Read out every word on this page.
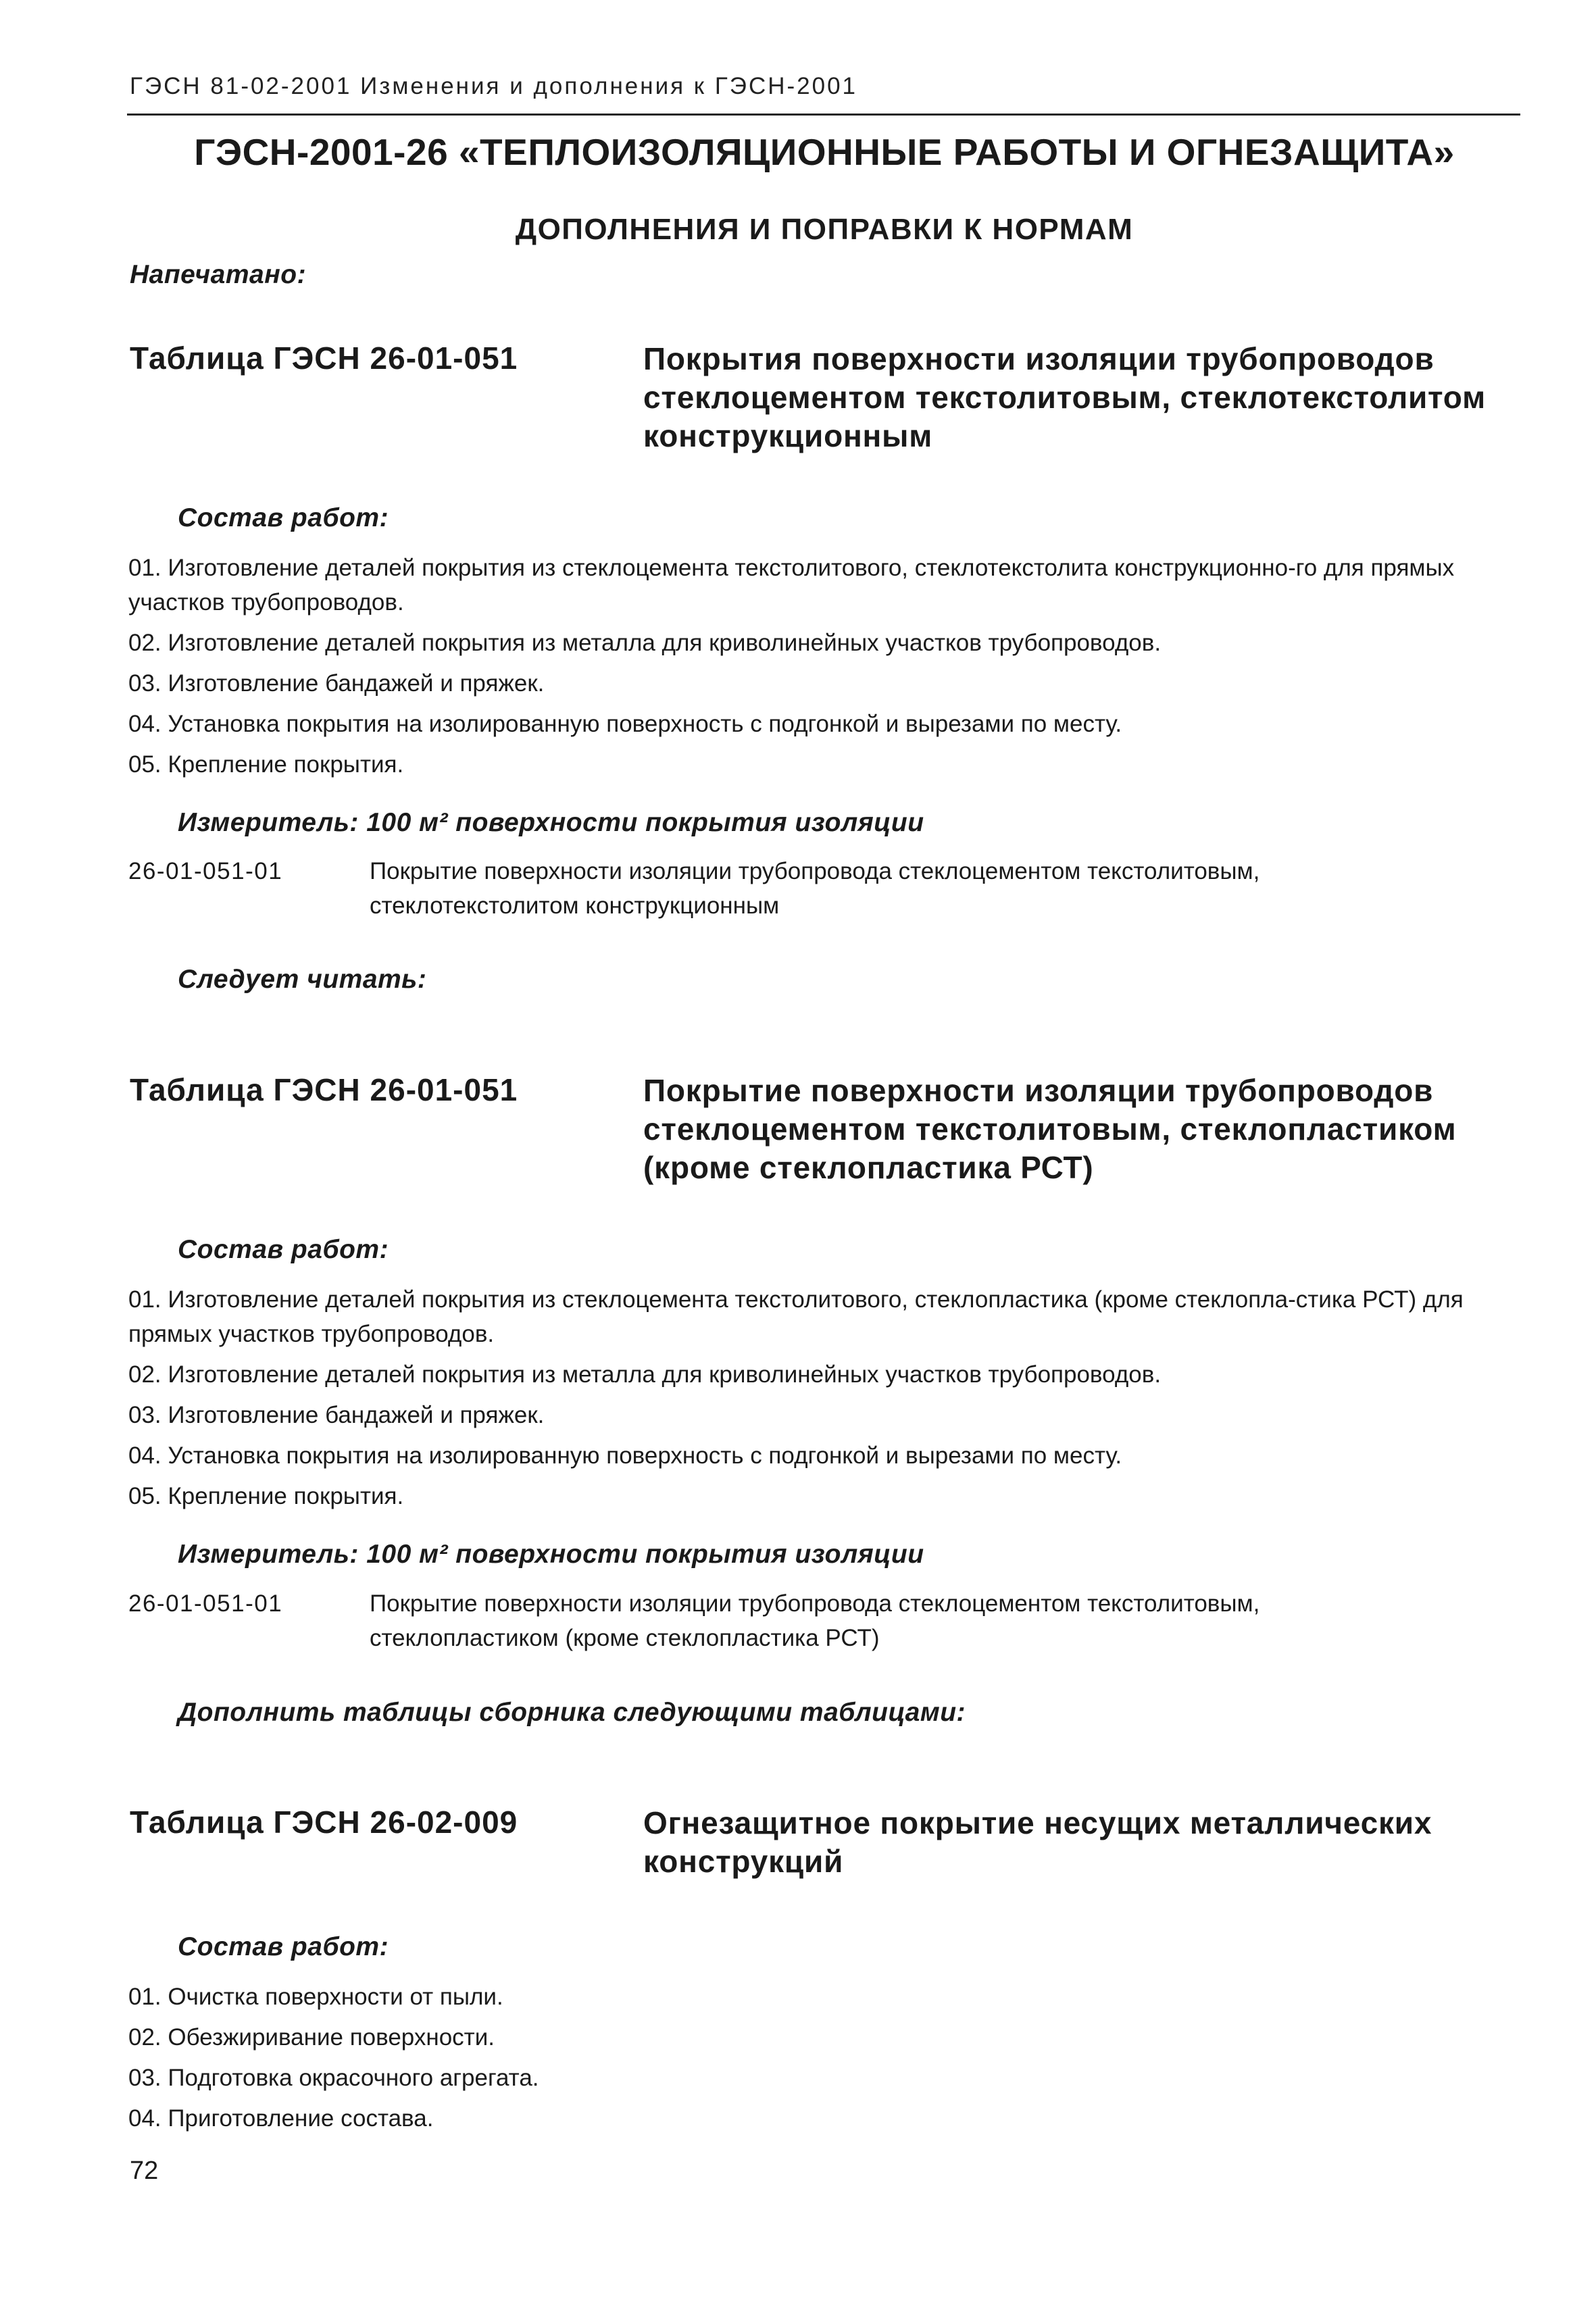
ГЭСН 81-02-2001 Изменения и дополнения к ГЭСН-2001
ГЭСН-2001-26 «ТЕПЛОИЗОЛЯЦИОННЫЕ РАБОТЫ И ОГНЕЗАЩИТА»
ДОПОЛНЕНИЯ И ПОПРАВКИ К НОРМАМ
Напечатано:
Таблица ГЭСН 26-01-051	Покрытия поверхности изоляции трубопроводов стеклоцементом текстолитовым, стеклотекстолитом конструкционным
Состав работ:
01. Изготовление деталей покрытия из стеклоцемента текстолитового, стеклотекстолита конструкционно-го для прямых участков трубопроводов.
02. Изготовление деталей покрытия из металла для криволинейных участков трубопроводов.
03. Изготовление бандажей и пряжек.
04. Установка покрытия на изолированную поверхность с подгонкой и вырезами по месту.
05. Крепление покрытия.
Измеритель: 100 м² поверхности покрытия изоляции
26-01-051-01	Покрытие поверхности изоляции трубопровода стеклоцементом текстолитовым, стеклотекстолитом конструкционным
Следует читать:
Таблица ГЭСН 26-01-051	Покрытие поверхности изоляции трубопроводов стеклоцементом текстолитовым, стеклопластиком (кроме стеклопластика РСТ)
Состав работ:
01. Изготовление деталей покрытия из стеклоцемента текстолитового, стеклопластика (кроме стеклопла-стика РСТ) для прямых участков трубопроводов.
02. Изготовление деталей покрытия из металла для криволинейных участков трубопроводов.
03. Изготовление бандажей и пряжек.
04. Установка покрытия на изолированную поверхность с подгонкой и вырезами по месту.
05. Крепление покрытия.
Измеритель: 100 м² поверхности покрытия изоляции
26-01-051-01	Покрытие поверхности изоляции трубопровода стеклоцементом текстолитовым, стеклопластиком (кроме стеклопластика РСТ)
Дополнить таблицы сборника следующими таблицами:
Таблица ГЭСН 26-02-009	Огнезащитное покрытие несущих металлических конструкций
Состав работ:
01. Очистка поверхности от пыли.
02. Обезжиривание поверхности.
03. Подготовка окрасочного агрегата.
04. Приготовление состава.
72
